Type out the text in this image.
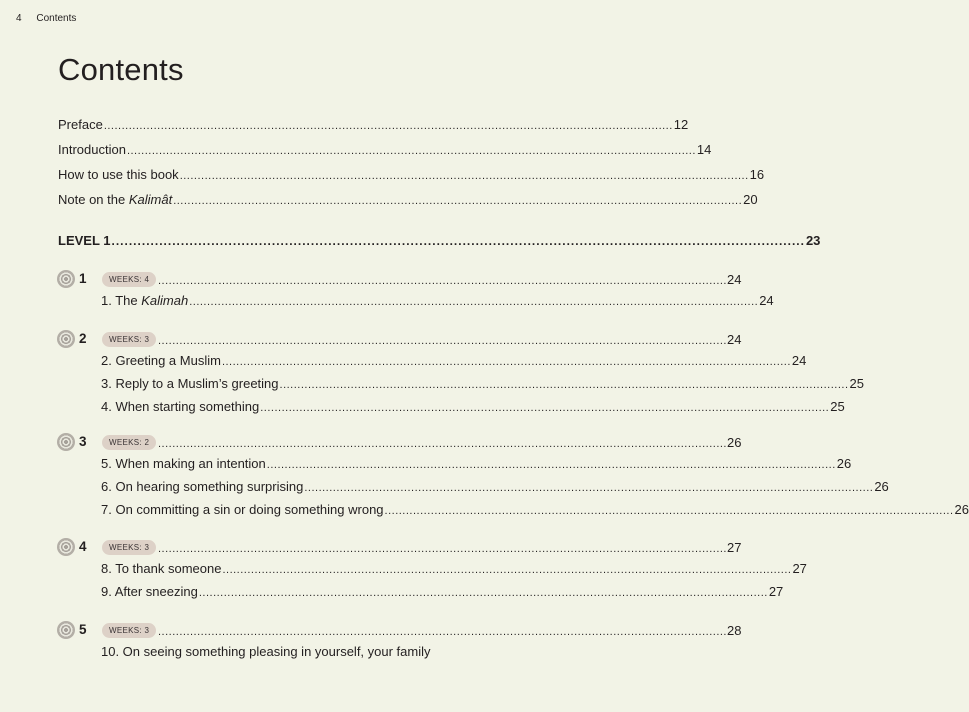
4 Contents
Contents
Preface ................................................................................................................................................................ 12
Introduction ................................................................................................................................................................ 14
How to use this book ................................................................................................................................................................ 16
Note on the Kalimât ................................................................................................................................................................ 20
LEVEL 1 ................................................................................................................................................................ 23
1	WEEKS: 4 ................................................................................................................................................................ 24
1. The Kalimah ................................................................................................................................................................ 24
2	WEEKS: 3 ................................................................................................................................................................ 24
2. Greeting a Muslim ................................................................................................................................................................ 24
3. Reply to a Muslim’s greeting ................................................................................................................................................................ 25
4. When starting something ................................................................................................................................................................ 25
3	WEEKS: 2 ................................................................................................................................................................ 26
5. When making an intention ................................................................................................................................................................ 26
6. On hearing something surprising ................................................................................................................................................................ 26
7. On committing a sin or doing something wrong ................................................................................................................................................................ 26
4	WEEKS: 3 ................................................................................................................................................................ 27
8. To thank someone ................................................................................................................................................................ 27
9. After sneezing ................................................................................................................................................................ 27
5	WEEKS: 3 ................................................................................................................................................................ 28
10. On seeing something pleasing in yourself, your family
